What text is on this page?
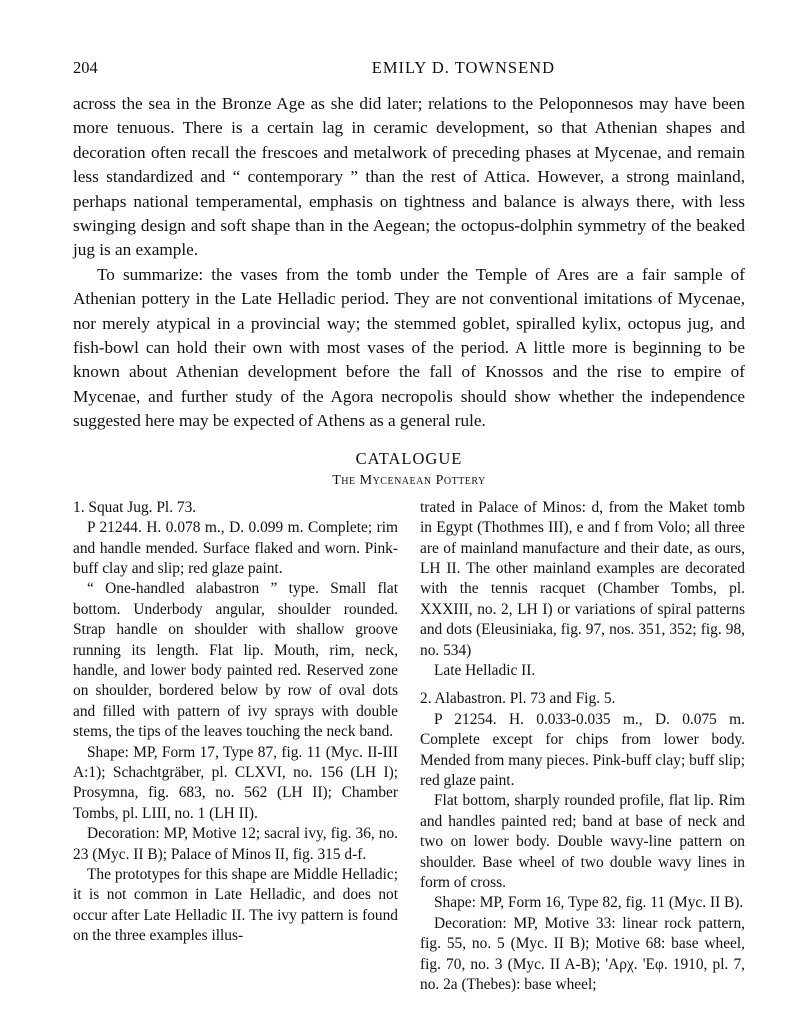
204	EMILY D. TOWNSEND

across the sea in the Bronze Age as she did later; relations to the Peloponnesos may have been more tenuous. There is a certain lag in ceramic development, so that Athenian shapes and decoration often recall the frescoes and metalwork of preceding phases at Mycenae, and remain less standardized and “ contemporary ” than the rest of Attica. However, a strong mainland, perhaps national temperamental, emphasis on tightness and balance is always there, with less swinging design and soft shape than in the Aegean; the octopus-dolphin symmetry of the beaked jug is an example.

To summarize: the vases from the tomb under the Temple of Ares are a fair sample of Athenian pottery in the Late Helladic period. They are not conventional imitations of Mycenae, nor merely atypical in a provincial way; the stemmed goblet, spiralled kylix, octopus jug, and fish-bowl can hold their own with most vases of the period. A little more is beginning to be known about Athenian development before the fall of Knossos and the rise to empire of Mycenae, and further study of the Agora necropolis should show whether the independence suggested here may be expected of Athens as a general rule.

CATALOGUE
The Mycenaean Pottery

1. Squat Jug. Pl. 73.

P 21244. H. 0.078 m., D. 0.099 m. Complete; rim and handle mended. Surface flaked and worn. Pink-buff clay and slip; red glaze paint.

“ One-handled alabastron ” type. Small flat bottom. Underbody angular, shoulder rounded. Strap handle on shoulder with shallow groove running its length. Flat lip. Mouth, rim, neck, handle, and lower body painted red. Reserved zone on shoulder, bordered below by row of oval dots and filled with pattern of ivy sprays with double stems, the tips of the leaves touching the neck band.

Shape: MP, Form 17, Type 87, fig. 11 (Myc. II-III A:1); Schachtgräber, pl. CLXVI, no. 156 (LH I); Prosymna, fig. 683, no. 562 (LH II); Chamber Tombs, pl. LIII, no. 1 (LH II).

Decoration: MP, Motive 12; sacral ivy, fig. 36, no. 23 (Myc. II B); Palace of Minos II, fig. 315 d-f.

The prototypes for this shape are Middle Helladic; it is not common in Late Helladic, and does not occur after Late Helladic II. The ivy pattern is found on the three examples illus-

trated in Palace of Minos: d, from the Maket tomb in Egypt (Thothmes III), e and f from Volo; all three are of mainland manufacture and their date, as ours, LH II. The other mainland examples are decorated with the tennis racquet (Chamber Tombs, pl. XXXIII, no. 2, LH I) or variations of spiral patterns and dots (Eleusiniaka, fig. 97, nos. 351, 352; fig. 98, no. 534)

Late Helladic II.

2. Alabastron. Pl. 73 and Fig. 5.

P 21254. H. 0.033-0.035 m., D. 0.075 m. Complete except for chips from lower body. Mended from many pieces. Pink-buff clay; buff slip; red glaze paint.

Flat bottom, sharply rounded profile, flat lip. Rim and handles painted red; band at base of neck and two on lower body. Double wavy-line pattern on shoulder. Base wheel of two double wavy lines in form of cross.

Shape: MP, Form 16, Type 82, fig. 11 (Myc. II B).

Decoration: MP, Motive 33: linear rock pattern, fig. 55, no. 5 (Myc. II B); Motive 68: base wheel, fig. 70, no. 3 (Myc. II A-B); 'Αρχ. 'Εφ. 1910, pl. 7, no. 2a (Thebes): base wheel;
